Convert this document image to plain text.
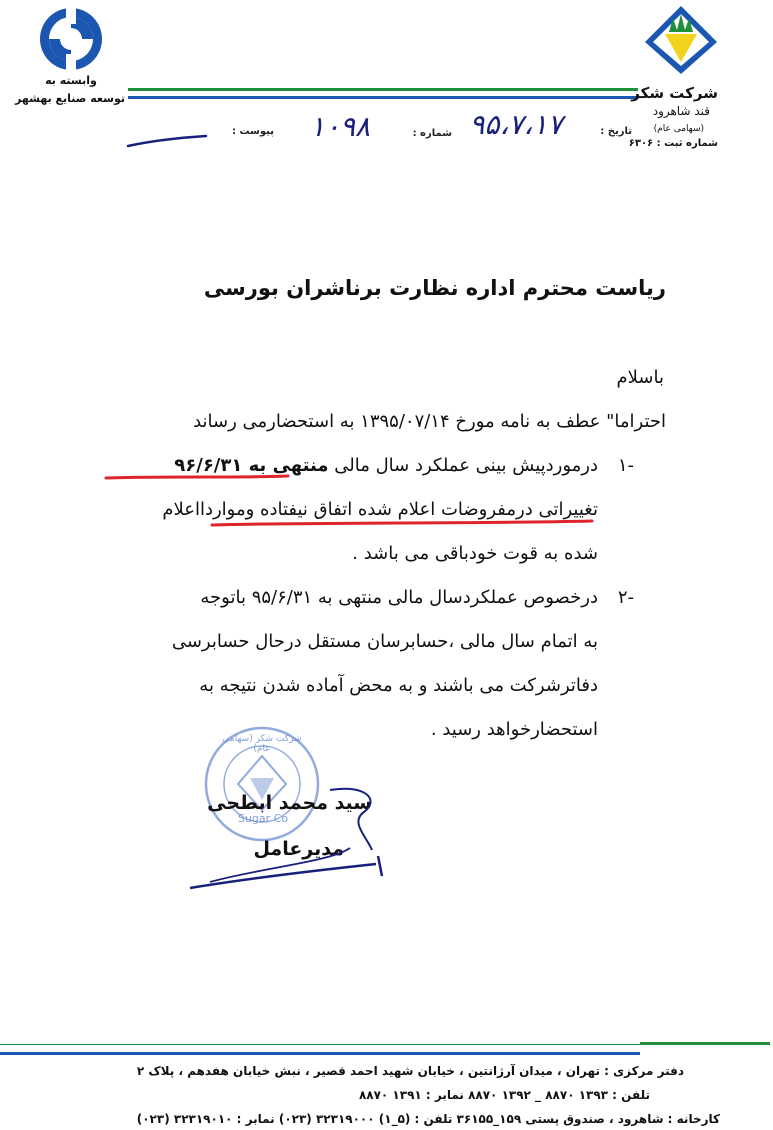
وابسته به
توسعه صنایع بهشهر	شرکت شکر
قند شاهرود
(سهامی عام)
شماره ثبت : ۶۳۰۶
تاریخ :
۹۵،۷،۱۷
شماره :
۱۰۹۸
پیوست :
ریاست محترم اداره نظارت برناشران بورسی
باسلام
احتراما" عطف به نامه مورخ ۱۳۹۵/۰۷/۱۴ به استحضارمی رساند
-۱
درموردپیش بینی عملکرد سال مالی منتهی به ۹۶/۶/۳۱
تغییراتی درمفروضات اعلام شده اتفاق نیفتاده ومواردااعلام
شده به قوت خودباقی می باشد .
-۲
درخصوص عملکردسال مالی منتهی به ۹۵/۶/۳۱ باتوجه
به اتمام سال مالی ،حسابرسان مستقل درحال حسابرسی
دفاترشرکت می باشند و به محض آماده شدن نتیجه به
استحضارخواهد رسید .
شرکت شکر (سهامی عام)
Sugar Co
سید محمد ابطحی
مدیرعامل
دفتر مرکزی : تهران ، میدان آرژانتین ، خیابان شهید احمد قصیر ، نبش خیابان هفدهم ، پلاک ۲
تلفن : ۱۳۹۳ ۸۸۷۰ _ ۱۳۹۲ ۸۸۷۰ نمابر : ۱۳۹۱ ۸۸۷۰
کارخانه : شاهرود ، صندوق پستی ۱۵۹_۳۶۱۵۵ تلفن : (۵_۱) ۳۲۳۱۹۰۰۰ (۰۲۳) نمابر : ۳۲۳۱۹۰۱۰ (۰۲۳)
